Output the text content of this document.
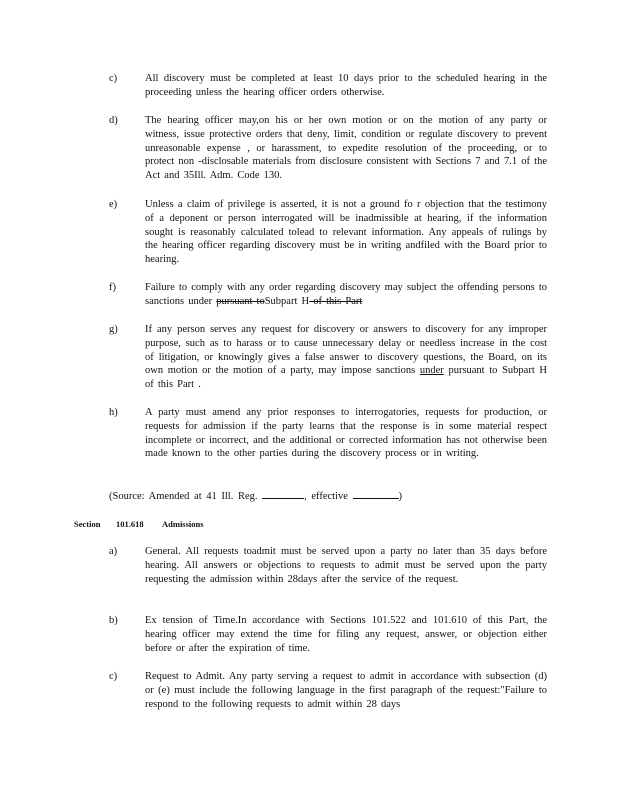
c)	All discovery must be completed at least 10 days prior to the scheduled hearing in the proceeding unless the hearing officer orders otherwise.
d)	The hearing officer may,on his or her own motion or on the motion of any party or witness, issue protective orders that deny, limit, condition or regulate discovery to prevent unreasonable expense , or harassment, to expedite resolution of the proceeding, or to protect non -disclosable materials from disclosure consistent with Sections 7 and 7.1 of the Act and 35Ill. Adm. Code 130.
e)	Unless a claim of privilege is asserted, it is not a ground fo r objection that the testimony of a deponent or person interrogated will be inadmissible at hearing, if the information sought is reasonably calculated tolead to relevant information. Any appeals of rulings by the hearing officer regarding discovery must be in writing andfiled with the Board prior to hearing.
f)	Failure to comply with any order regarding discovery may subject the offending persons to sanctions under pursuant toSubpart H of this Part
g)	If any person serves any request for discovery or answers to discovery for any improper purpose, such as to harass or to cause unnecessary delay or needless increase in the cost of litigation, or knowingly gives a false answer to discovery questions, the Board, on its own motion or the motion of a party, may impose sanctions under pursuant to Subpart H of this Part .
h)	A party must amend any prior responses to interrogatories, requests for production, or requests for admission if the party learns that the response is in some material respect incomplete or incorrect, and the additional or corrected information has not otherwise been made known to the other parties during the discovery process or in writing.
(Source: Amended at 41 Ill. Reg.	, effective	)
Section 101.618 Admissions
a)	General. All requests toadmit must be served upon a party no later than 35 days before hearing. All answers or objections to requests to admit must be served upon the party requesting the admission within 28days after the service of the request.
b)	Ex tension of Time.In accordance with Sections 101.522 and 101.610 of this Part, the hearing officer may extend the time for filing any request, answer, or objection either before or after the expiration of time.
c)	Request to Admit. Any party serving a request to admit in accordance with subsection (d) or (e) must include the following language in the first paragraph of the request:"Failure to respond to the following requests to admit within 28 days
